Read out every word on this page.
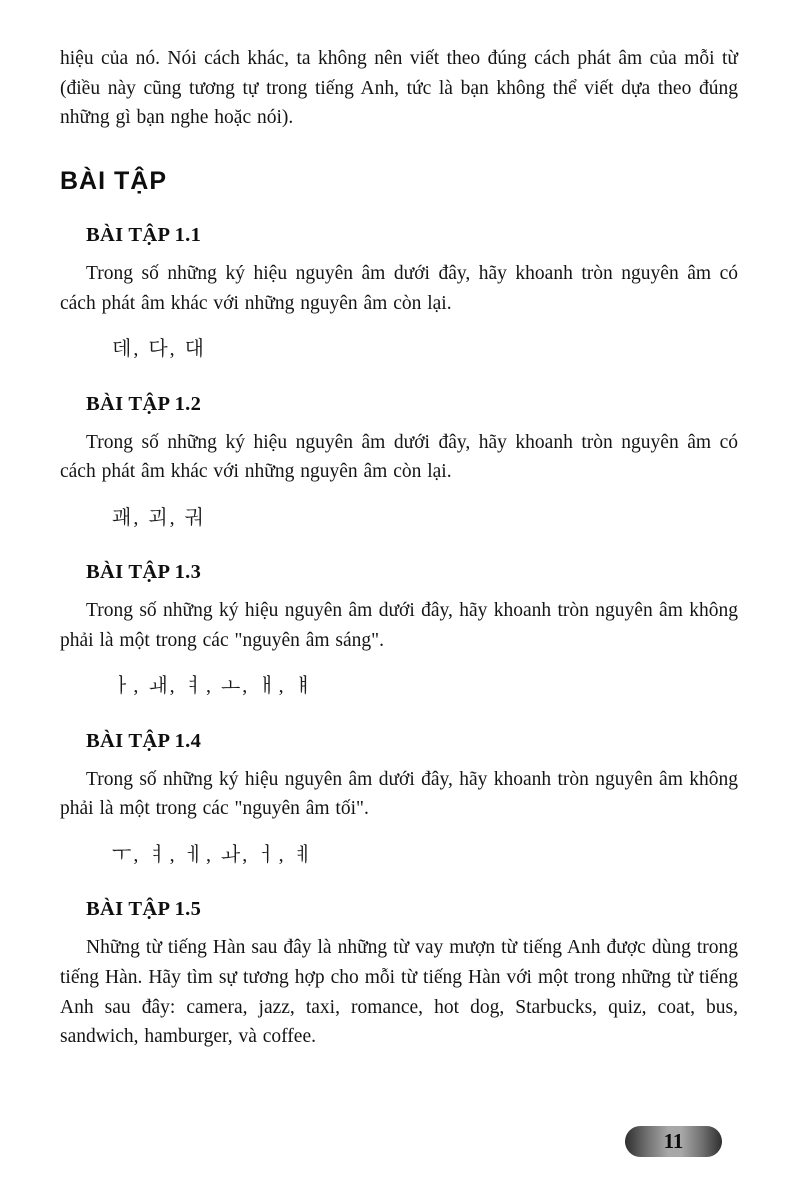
hiệu của nó. Nói cách khác, ta không nên viết theo đúng cách phát âm của mỗi từ (điều này cũng tương tự trong tiếng Anh, tức là bạn không thể viết dựa theo đúng những gì bạn nghe hoặc nói).

BÀI TẬP
BÀI TẬP 1.1

Trong số những ký hiệu nguyên âm dưới đây, hãy khoanh tròn nguyên âm có cách phát âm khác với những nguyên âm còn lại.

데, 다, 대

BÀI TẬP 1.2

Trong số những ký hiệu nguyên âm dưới đây, hãy khoanh tròn nguyên âm có cách phát âm khác với những nguyên âm còn lại.

괘, 괴, 궈

BÀI TẬP 1.3

Trong số những ký hiệu nguyên âm dưới đây, hãy khoanh tròn nguyên âm không phải là một trong các "nguyên âm sáng".

ㅏ, ㅙ, ㅕ, ㅗ, ㅐ, ㅒ

BÀI TẬP 1.4

Trong số những ký hiệu nguyên âm dưới đây, hãy khoanh tròn nguyên âm không phải là một trong các "nguyên âm tối".

ㅜ, ㅕ, ㅔ, ㅘ, ㅓ, ㅖ

BÀI TẬP 1.5

Những từ tiếng Hàn sau đây là những từ vay mượn từ tiếng Anh được dùng trong tiếng Hàn. Hãy tìm sự tương hợp cho mỗi từ tiếng Hàn với một trong những từ tiếng Anh sau đây: camera, jazz, taxi, romance, hot dog, Starbucks, quiz, coat, bus, sandwich, hamburger, và coffee.

11
